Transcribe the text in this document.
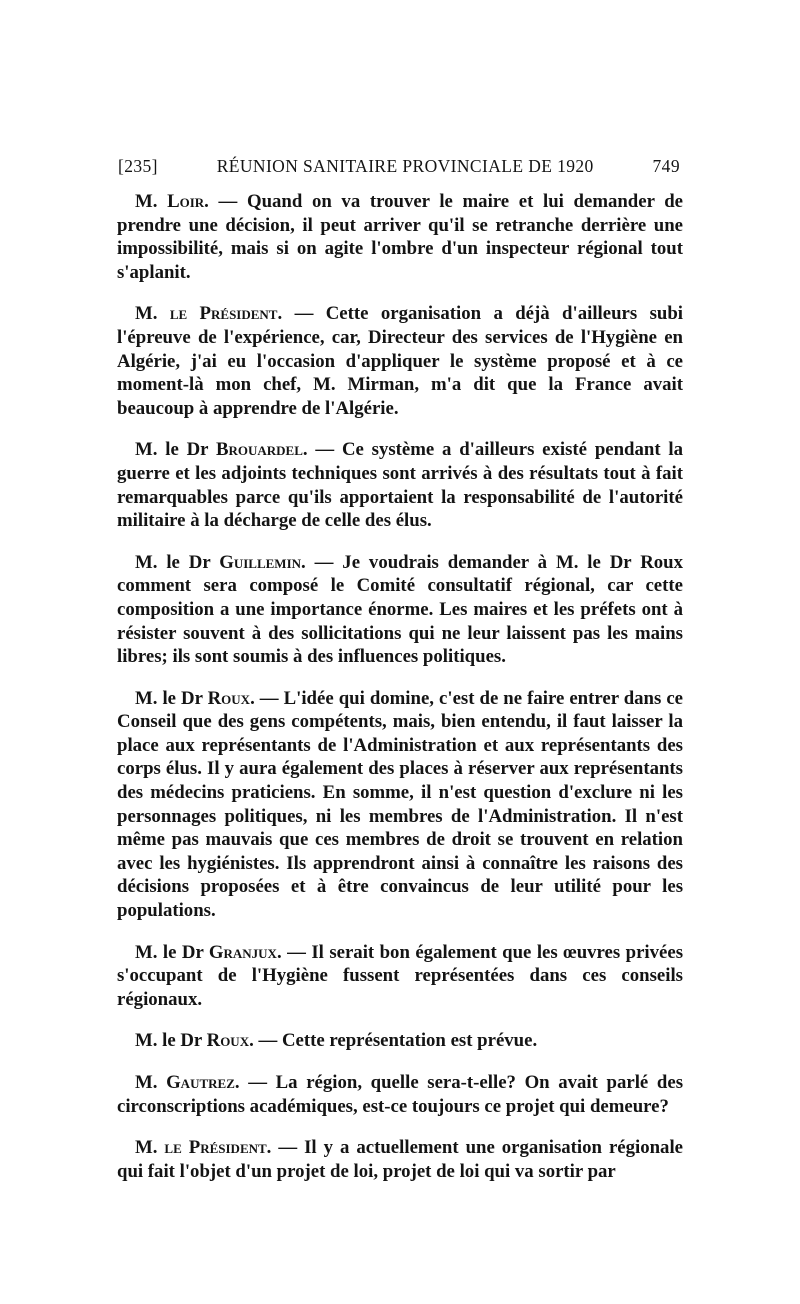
[235]	RÉUNION SANITAIRE PROVINCIALE DE 1920	749

M. Loir. — Quand on va trouver le maire et lui demander de prendre une décision, il peut arriver qu'il se retranche derrière une impossibilité, mais si on agite l'ombre d'un inspecteur régional tout s'aplanit.

M. le Président. — Cette organisation a déjà d'ailleurs subi l'épreuve de l'expérience, car, Directeur des services de l'Hygiène en Algérie, j'ai eu l'occasion d'appliquer le système proposé et à ce moment-là mon chef, M. Mirman, m'a dit que la France avait beaucoup à apprendre de l'Algérie.

M. le Dr Brouardel. — Ce système a d'ailleurs existé pendant la guerre et les adjoints techniques sont arrivés à des résultats tout à fait remarquables parce qu'ils apportaient la responsabilité de l'autorité militaire à la décharge de celle des élus.

M. le Dr Guillemin. — Je voudrais demander à M. le Dr Roux comment sera composé le Comité consultatif régional, car cette composition a une importance énorme. Les maires et les préfets ont à résister souvent à des sollicitations qui ne leur laissent pas les mains libres; ils sont soumis à des influences politiques.

M. le Dr Roux. — L'idée qui domine, c'est de ne faire entrer dans ce Conseil que des gens compétents, mais, bien entendu, il faut laisser la place aux représentants de l'Administration et aux représentants des corps élus. Il y aura également des places à réserver aux représentants des médecins praticiens. En somme, il n'est question d'exclure ni les personnages politiques, ni les membres de l'Administration. Il n'est même pas mauvais que ces membres de droit se trouvent en relation avec les hygiénistes. Ils apprendront ainsi à connaître les raisons des décisions proposées et à être convaincus de leur utilité pour les populations.

M. le Dr Granjux. — Il serait bon également que les œuvres privées s'occupant de l'Hygiène fussent représentées dans ces conseils régionaux.

M. le Dr Roux. — Cette représentation est prévue.

M. Gautrez. — La région, quelle sera-t-elle? On avait parlé des circonscriptions académiques, est-ce toujours ce projet qui demeure?

M. le Président. — Il y a actuellement une organisation régionale qui fait l'objet d'un projet de loi, projet de loi qui va sortir par
